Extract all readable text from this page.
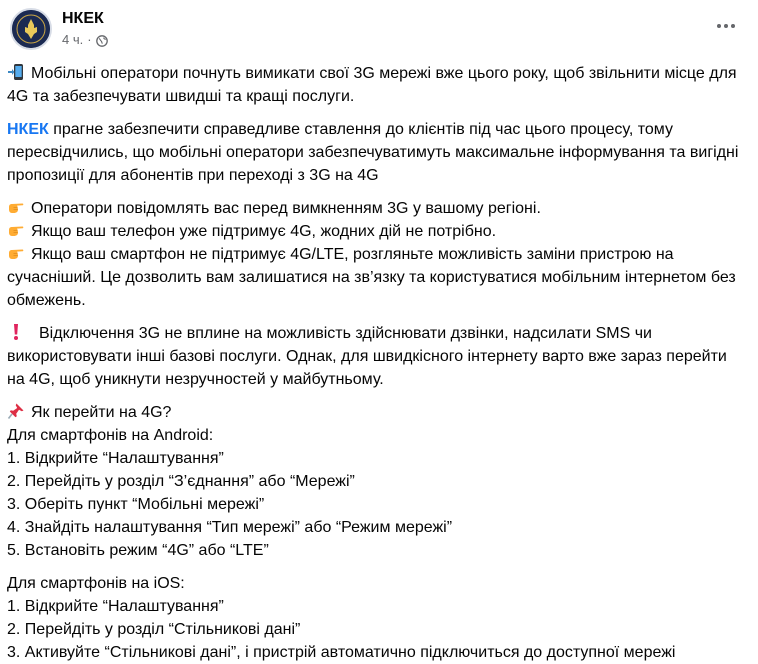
НКЕК
4 ч. ·

Мобільні оператори почнуть вимикати свої 3G мережі вже цього року, щоб звільнити місце для 4G та забезпечувати швидші та кращі послуги.

НКЕК прагне забезпечити справедливе ставлення до клієнтів під час цього процесу, тому пересвідчились, що мобільні оператори забезпечуватимуть максимальне інформування та вигідні пропозиції для абонентів при переході з 3G на 4G

Оператори повідомлять вас перед вимкненням 3G у вашому регіоні.
Якщо ваш телефон уже підтримує 4G, жодних дій не потрібно.
Якщо ваш смартфон не підтримує 4G/LTE, розгляньте можливість заміни пристрою на сучасніший. Це дозволить вам залишатися на зв’язку та користуватися мобільним інтернетом без обмежень.

Відключення 3G не вплине на можливість здійснювати дзвінки, надсилати SMS чи використовувати інші базові послуги. Однак, для швидкісного інтернету варто вже зараз перейти на 4G, щоб уникнути незручностей у майбутньому.

Як перейти на 4G?
Для смартфонів на Android:
1. Відкрийте “Налаштування”
2. Перейдіть у розділ “З’єднання” або “Мережі”
3. Оберіть пункт “Мобільні мережі”
4. Знайдіть налаштування “Тип мережі” або “Режим мережі”
5. Встановіть режим “4G” або “LTE”
Для смартфонів на iOS:
1. Відкрийте “Налаштування”
2. Перейдіть у розділ “Стільникові дані”
3. Активуйте “Стільникові дані”, і пристрій автоматично підключиться до доступної мережі
